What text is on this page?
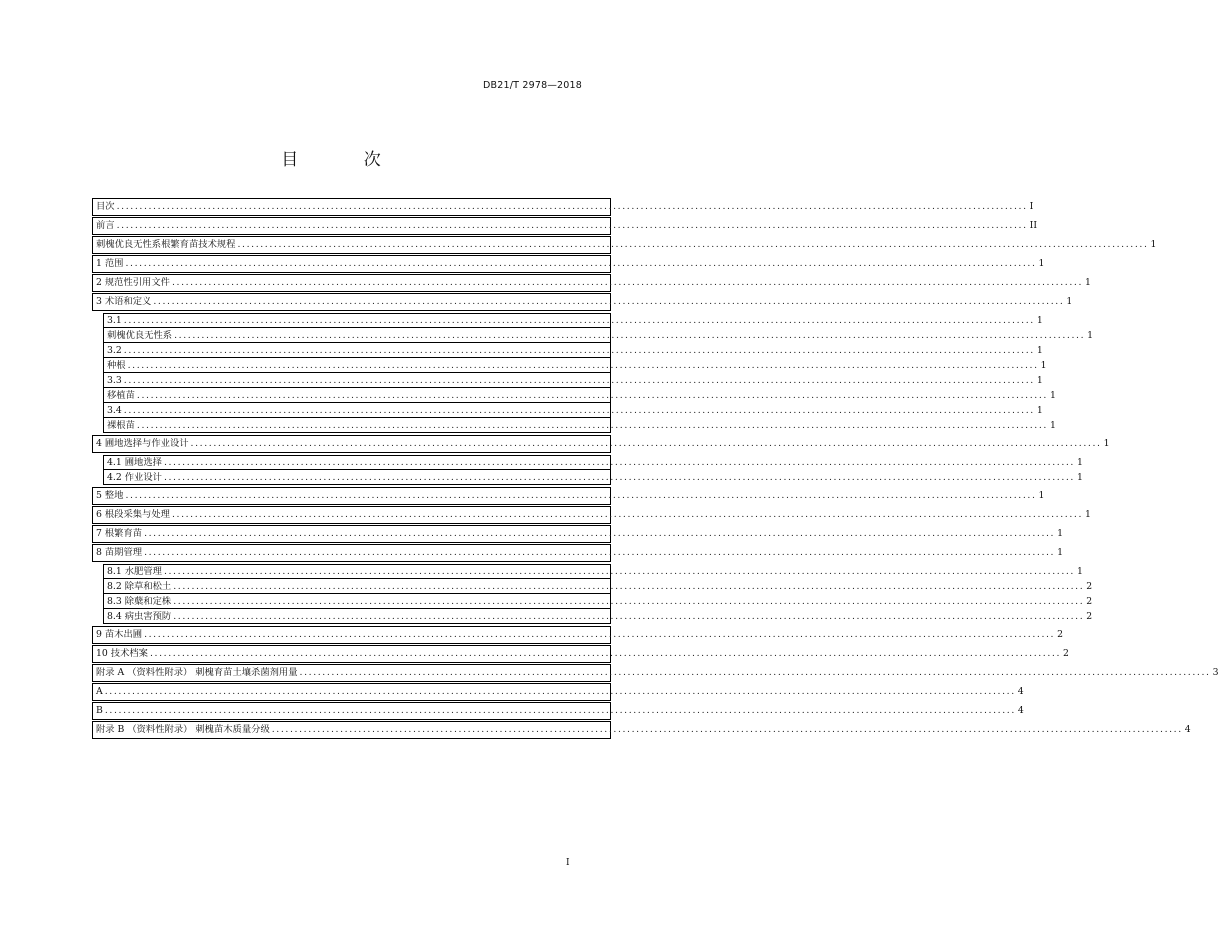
DB21/T 2978—2018
目 次
目次 ........................................................................................................................................................................................................ I
前言 ........................................................................................................................................................................................................ II
刺槐优良无性系根繁育苗技术规程 ........................................................................................................................................................................................................ 1
1 范围 ........................................................................................................................................................................................................ 1
2 规范性引用文件 ........................................................................................................................................................................................................ 1
3 术语和定义 ........................................................................................................................................................................................................ 1
3.1 ........................................................................................................................................................................................................ 1
刺槐优良无性系 ........................................................................................................................................................................................................ 1
3.2 ........................................................................................................................................................................................................ 1
种根 ........................................................................................................................................................................................................ 1
3.3 ........................................................................................................................................................................................................ 1
移植苗 ........................................................................................................................................................................................................ 1
3.4 ........................................................................................................................................................................................................ 1
裸根苗 ........................................................................................................................................................................................................ 1
4 圃地选择与作业设计 ........................................................................................................................................................................................................ 1
4.1 圃地选择 ........................................................................................................................................................................................................ 1
4.2 作业设计 ........................................................................................................................................................................................................ 1
5 整地 ........................................................................................................................................................................................................ 1
6 根段采集与处理 ........................................................................................................................................................................................................ 1
7 根繁育苗 ........................................................................................................................................................................................................ 1
8 苗期管理 ........................................................................................................................................................................................................ 1
8.1 水肥管理 ........................................................................................................................................................................................................ 1
8.2 除草和松土 ........................................................................................................................................................................................................ 2
8.3 除蘖和定株 ........................................................................................................................................................................................................ 2
8.4 病虫害预防 ........................................................................................................................................................................................................ 2
9 苗木出圃 ........................................................................................................................................................................................................ 2
10 技术档案 ........................................................................................................................................................................................................ 2
附录 A （资料性附录） 刺槐育苗土壤杀菌剂用量 ........................................................................................................................................................................................................ 3
A ........................................................................................................................................................................................................ 4
B ........................................................................................................................................................................................................ 4
附录 B （资料性附录） 刺槐苗木质量分级 ........................................................................................................................................................................................................ 4
I
